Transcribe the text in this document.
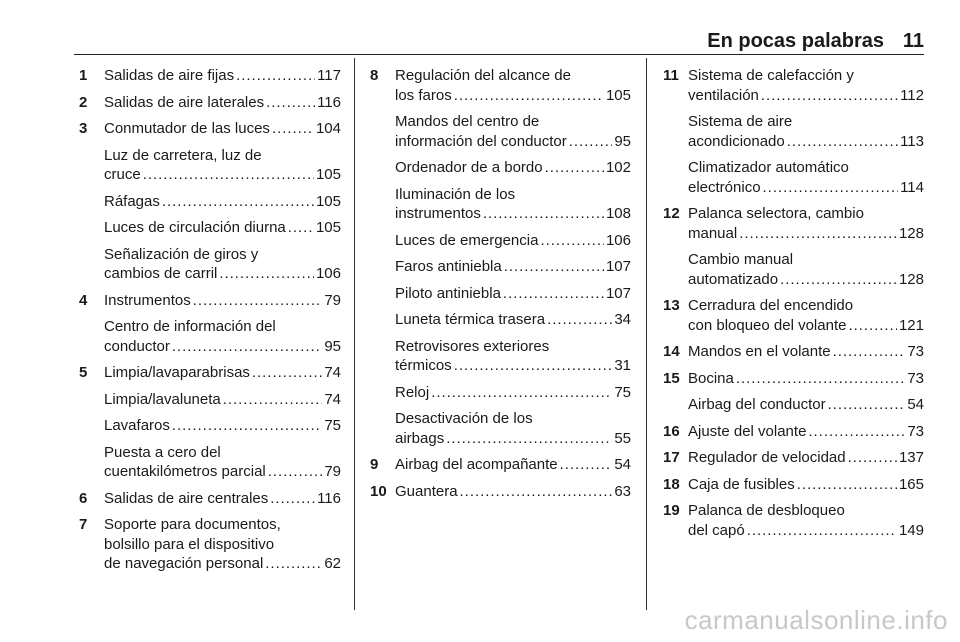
En pocas palabras 11
1 Salidas de aire fijas . . .	117
2 Salidas de aire laterales . . .	116
3 Conmutador de las luces . . .	104
Luz de carretera, luz de
cruce . . .	105
Ráfagas . . .	105
Luces de circulación diurna . . . 105
Señalización de giros y
cambios de carril . . .	106
4 Instrumentos . . .	79
Centro de información del
conductor . . .	95
5 Limpia/lavaparabrisas . . .	74
Limpia/lavaluneta . . .	74
Lavafaros . . .	75
Puesta a cero del
cuentakilómetros parcial . . .	79
6 Salidas de aire centrales . . .	116
7 Soporte para documentos,
bolsillo para el dispositivo
de navegación personal . . .	62
8 Regulación del alcance de
los faros . . .	105
Mandos del centro de
información del conductor . . .	95
Ordenador de a bordo . . .	102
Iluminación de los
instrumentos . . .	108
Luces de emergencia . . .	106
Faros antiniebla . . .	107
Piloto antiniebla . . .	107
Luneta térmica trasera . . .	34
Retrovisores exteriores
térmicos . . .	31
Reloj . . .	75
Desactivación de los
airbags . . .	55
9 Airbag del acompañante . . .	54
10 Guantera . . .	63
11 Sistema de calefacción y
ventilación . . .	112
Sistema de aire
acondicionado . . .	113
Climatizador automático
electrónico . . .	114
12 Palanca selectora, cambio
manual . . .	128
Cambio manual
automatizado . . .	128
13 Cerradura del encendido
con bloqueo del volante . . .	121
14 Mandos en el volante . . .	73
15 Bocina . . .	73
Airbag del conductor . . .	54
16 Ajuste del volante . . .	73
17 Regulador de velocidad . . .	137
18 Caja de fusibles . . .	165
19 Palanca de desbloqueo
del capó . . .	149
carmanualsonline.info
